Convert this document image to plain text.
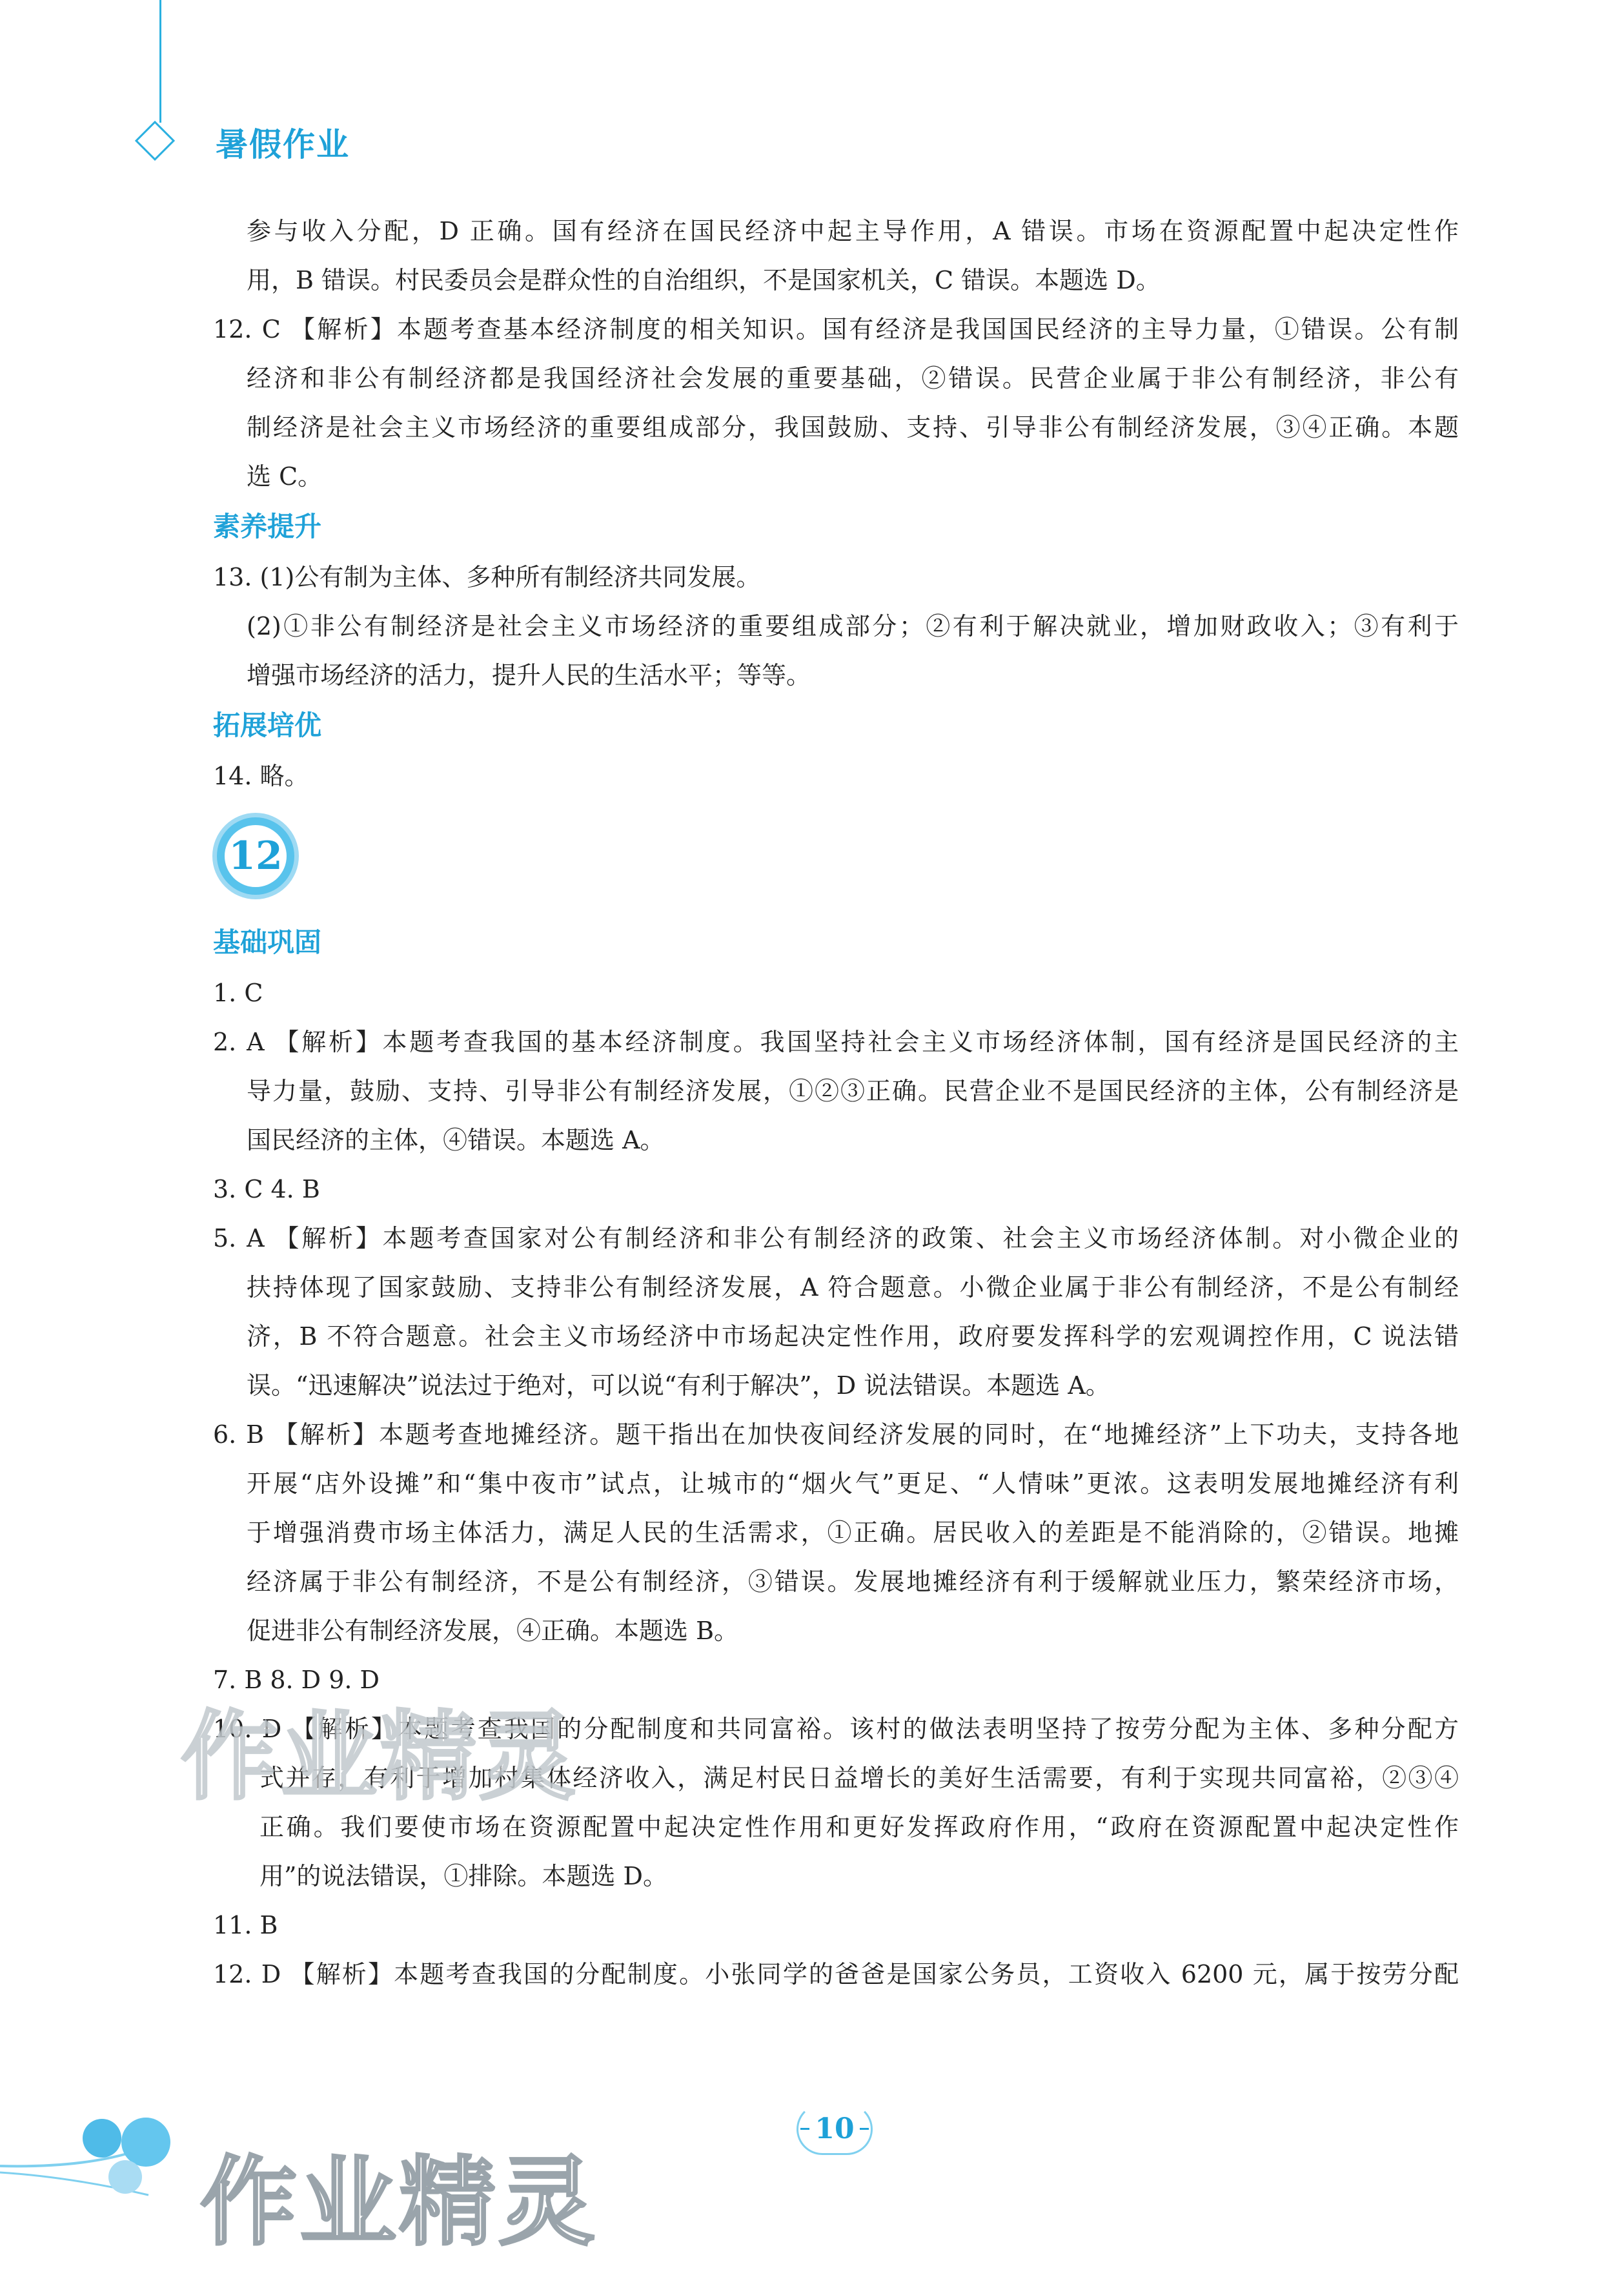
暑假作业
参与收入分配，D 正确。国有经济在国民经济中起主导作用，A 错误。市场在资源配置中起决定性作
用，B 错误。村民委员会是群众性的自治组织，不是国家机关，C 错误。本题选 D。
12. C 【解析】本题考查基本经济制度的相关知识。国有经济是我国国民经济的主导力量，①错误。公有制
经济和非公有制经济都是我国经济社会发展的重要基础，②错误。民营企业属于非公有制经济，非公有
制经济是社会主义市场经济的重要组成部分，我国鼓励、支持、引导非公有制经济发展，③④正确。本题
选 C。
素养提升
13. (1)公有制为主体、多种所有制经济共同发展。
(2)①非公有制经济是社会主义市场经济的重要组成部分；②有利于解决就业，增加财政收入；③有利于
增强市场经济的活力，提升人民的生活水平；等等。
拓展培优
14. 略。
12
基础巩固
1. C
2. A 【解析】本题考查我国的基本经济制度。我国坚持社会主义市场经济体制，国有经济是国民经济的主
导力量，鼓励、支持、引导非公有制经济发展，①②③正确。民营企业不是国民经济的主体，公有制经济是
国民经济的主体，④错误。本题选 A。
3. C 4. B
5. A 【解析】本题考查国家对公有制经济和非公有制经济的政策、社会主义市场经济体制。对小微企业的
扶持体现了国家鼓励、支持非公有制经济发展，A 符合题意。小微企业属于非公有制经济，不是公有制经
济，B 不符合题意。社会主义市场经济中市场起决定性作用，政府要发挥科学的宏观调控作用，C 说法错
误。“迅速解决”说法过于绝对，可以说“有利于解决”，D 说法错误。本题选 A。
6. B 【解析】本题考查地摊经济。题干指出在加快夜间经济发展的同时，在“地摊经济”上下功夫，支持各地
开展“店外设摊”和“集中夜市”试点，让城市的“烟火气”更足、“人情味”更浓。这表明发展地摊经济有利
于增强消费市场主体活力，满足人民的生活需求，①正确。居民收入的差距是不能消除的，②错误。地摊
经济属于非公有制经济，不是公有制经济，③错误。发展地摊经济有利于缓解就业压力，繁荣经济市场，
促进非公有制经济发展，④正确。本题选 B。
7. B 8. D 9. D
10. D 【解析】本题考查我国的分配制度和共同富裕。该村的做法表明坚持了按劳分配为主体、多种分配方
式并存，有利于增加村集体经济收入，满足村民日益增长的美好生活需要，有利于实现共同富裕，②③④
正确。我们要使市场在资源配置中起决定性作用和更好发挥政府作用，“政府在资源配置中起决定性作
用”的说法错误，①排除。本题选 D。
11. B
12. D 【解析】本题考查我国的分配制度。小张同学的爸爸是国家公务员，工资收入 6200 元，属于按劳分配
作业精灵
作业精灵
10
